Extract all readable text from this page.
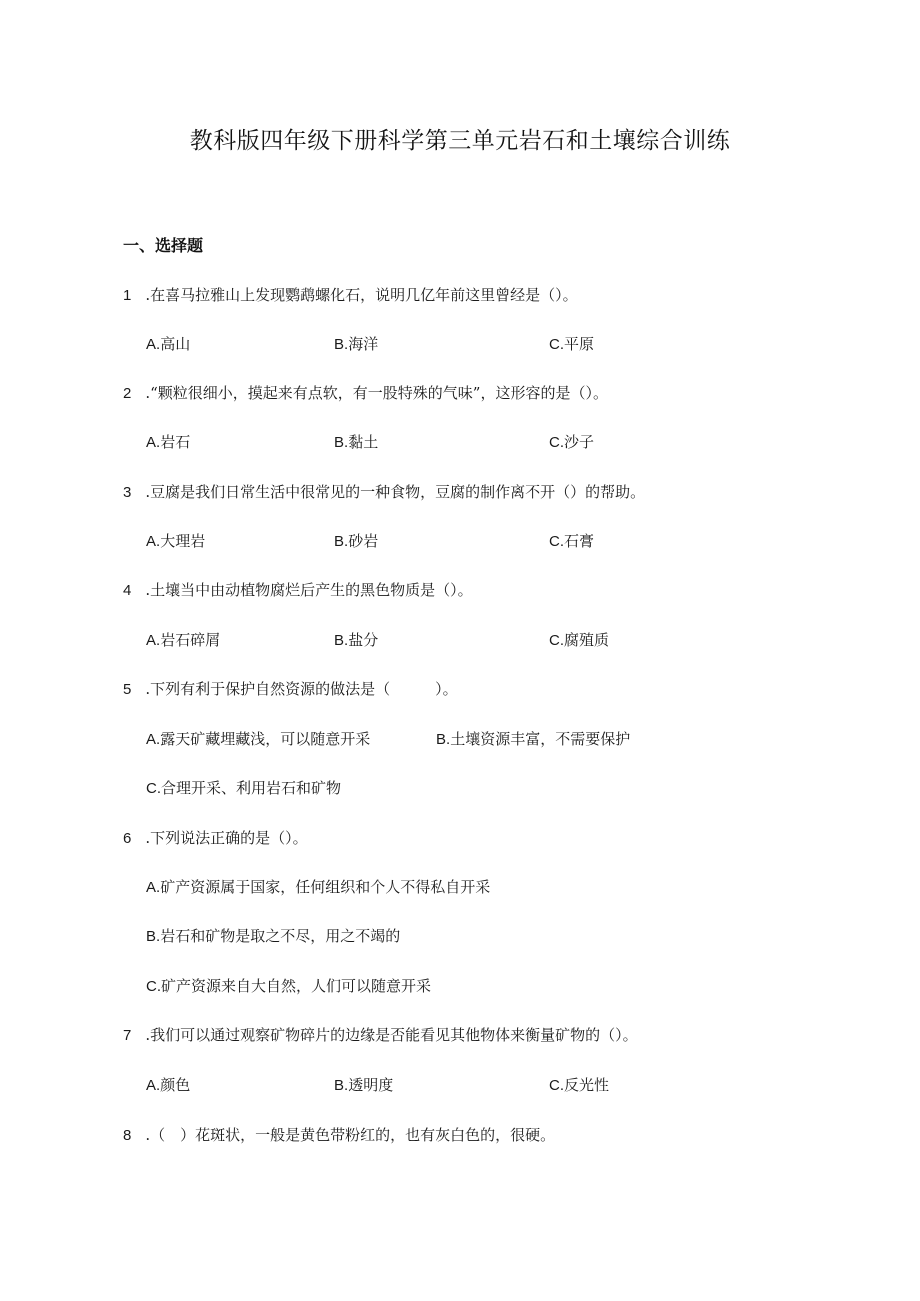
教科版四年级下册科学第三单元岩石和土壤综合训练
一、选择题
1 .在喜马拉雅山上发现鹦鹉螺化石，说明几亿年前这里曾经是（）。
A.高山	B.海洋	C.平原
2 .“颗粒很细小，摸起来有点软，有一股特殊的气味”，这形容的是（）。
A.岩石	B.黏土	C.沙子
3 .豆腐是我们日常生活中很常见的一种食物，豆腐的制作离不开（）的帮助。
A.大理岩	B.砂岩	C.石膏
4 .土壤当中由动植物腐烂后产生的黑色物质是（）。
A.岩石碎屑	B.盐分	C.腐殖质
5 .下列有利于保护自然资源的做法是（　　　）。
A.露天矿藏埋藏浅，可以随意开采	B.土壤资源丰富，不需要保护
C.合理开采、利用岩石和矿物
6 .下列说法正确的是（）。
A.矿产资源属于国家，任何组织和个人不得私自开采
B.岩石和矿物是取之不尽，用之不竭的
C.矿产资源来自大自然，人们可以随意开采
7 .我们可以通过观察矿物碎片的边缘是否能看见其他物体来衡量矿物的（）。
A.颜色	B.透明度	C.反光性
8 .（　）花斑状，一般是黄色带粉红的，也有灰白色的，很硬。
